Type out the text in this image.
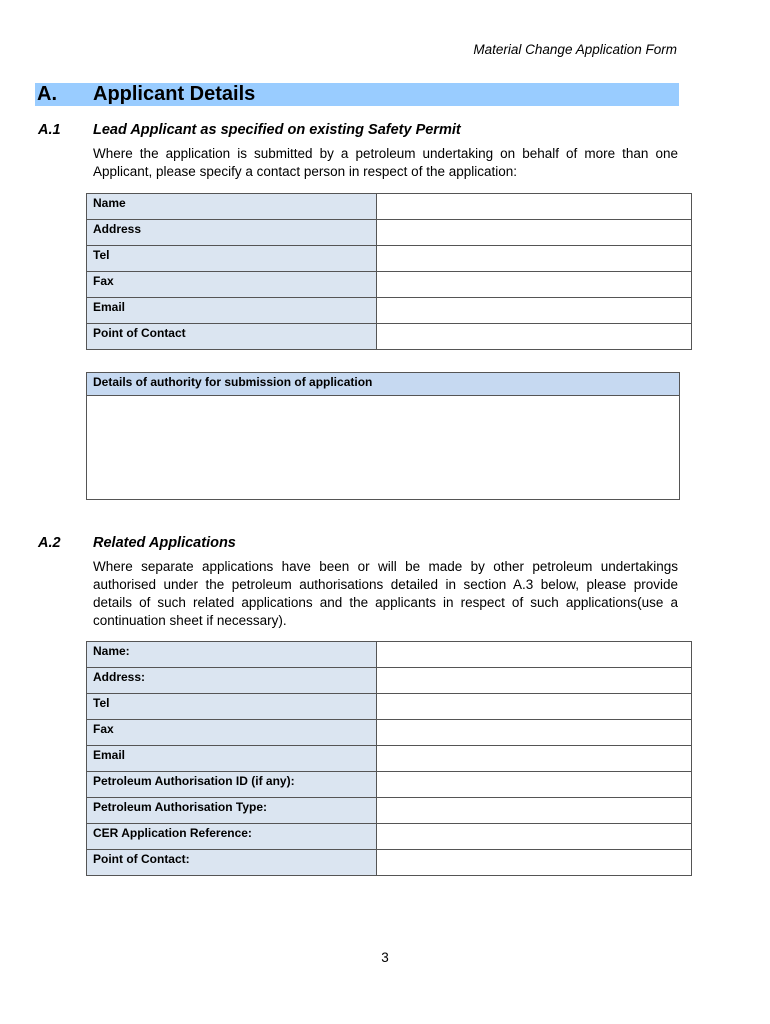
Material Change Application Form
A. Applicant Details
A.1 Lead Applicant as specified on existing Safety Permit
Where the application is submitted by a petroleum undertaking on behalf of more than one Applicant, please specify a contact person in respect of the application:
Name	
Address	
Tel	
Fax	
Email	
Point of Contact	
Details of authority for submission of application
A.2 Related Applications
Where separate applications have been or will be made by other petroleum undertakings authorised under the petroleum authorisations detailed in section A.3 below, please provide details of such related applications and the applicants in respect of such applications(use a continuation sheet if necessary).
Name:	
Address:	
Tel	
Fax	
Email	
Petroleum Authorisation ID (if any):	
Petroleum Authorisation Type:	
CER Application Reference:	
Point of Contact:	
3
